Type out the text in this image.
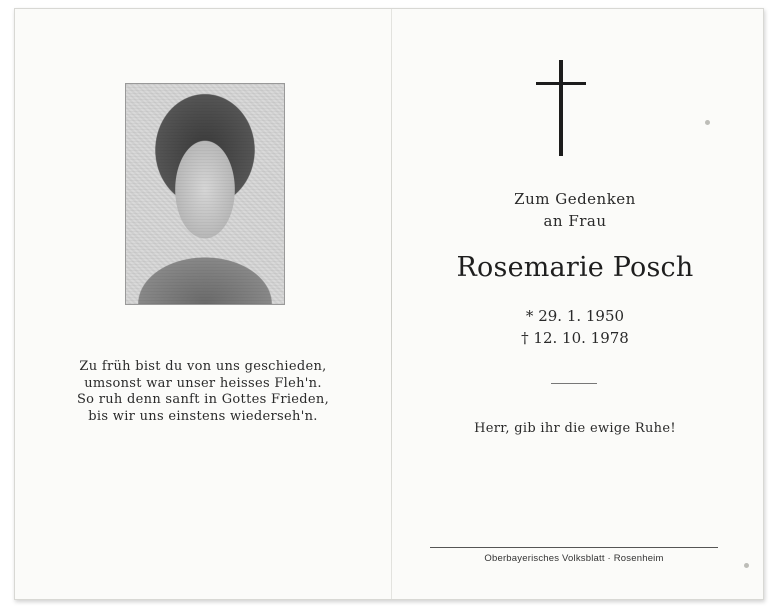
Zu früh bist du von uns geschieden,
umsonst war unser heisses Fleh'n.
So ruh denn sanft in Gottes Frieden,
bis wir uns einstens wiederseh'n.
Zum Gedenken
an Frau
Rosemarie Posch
* 29. 1. 1950
† 12. 10. 1978
Herr, gib ihr die ewige Ruhe!
Oberbayerisches Volksblatt · Rosenheim
